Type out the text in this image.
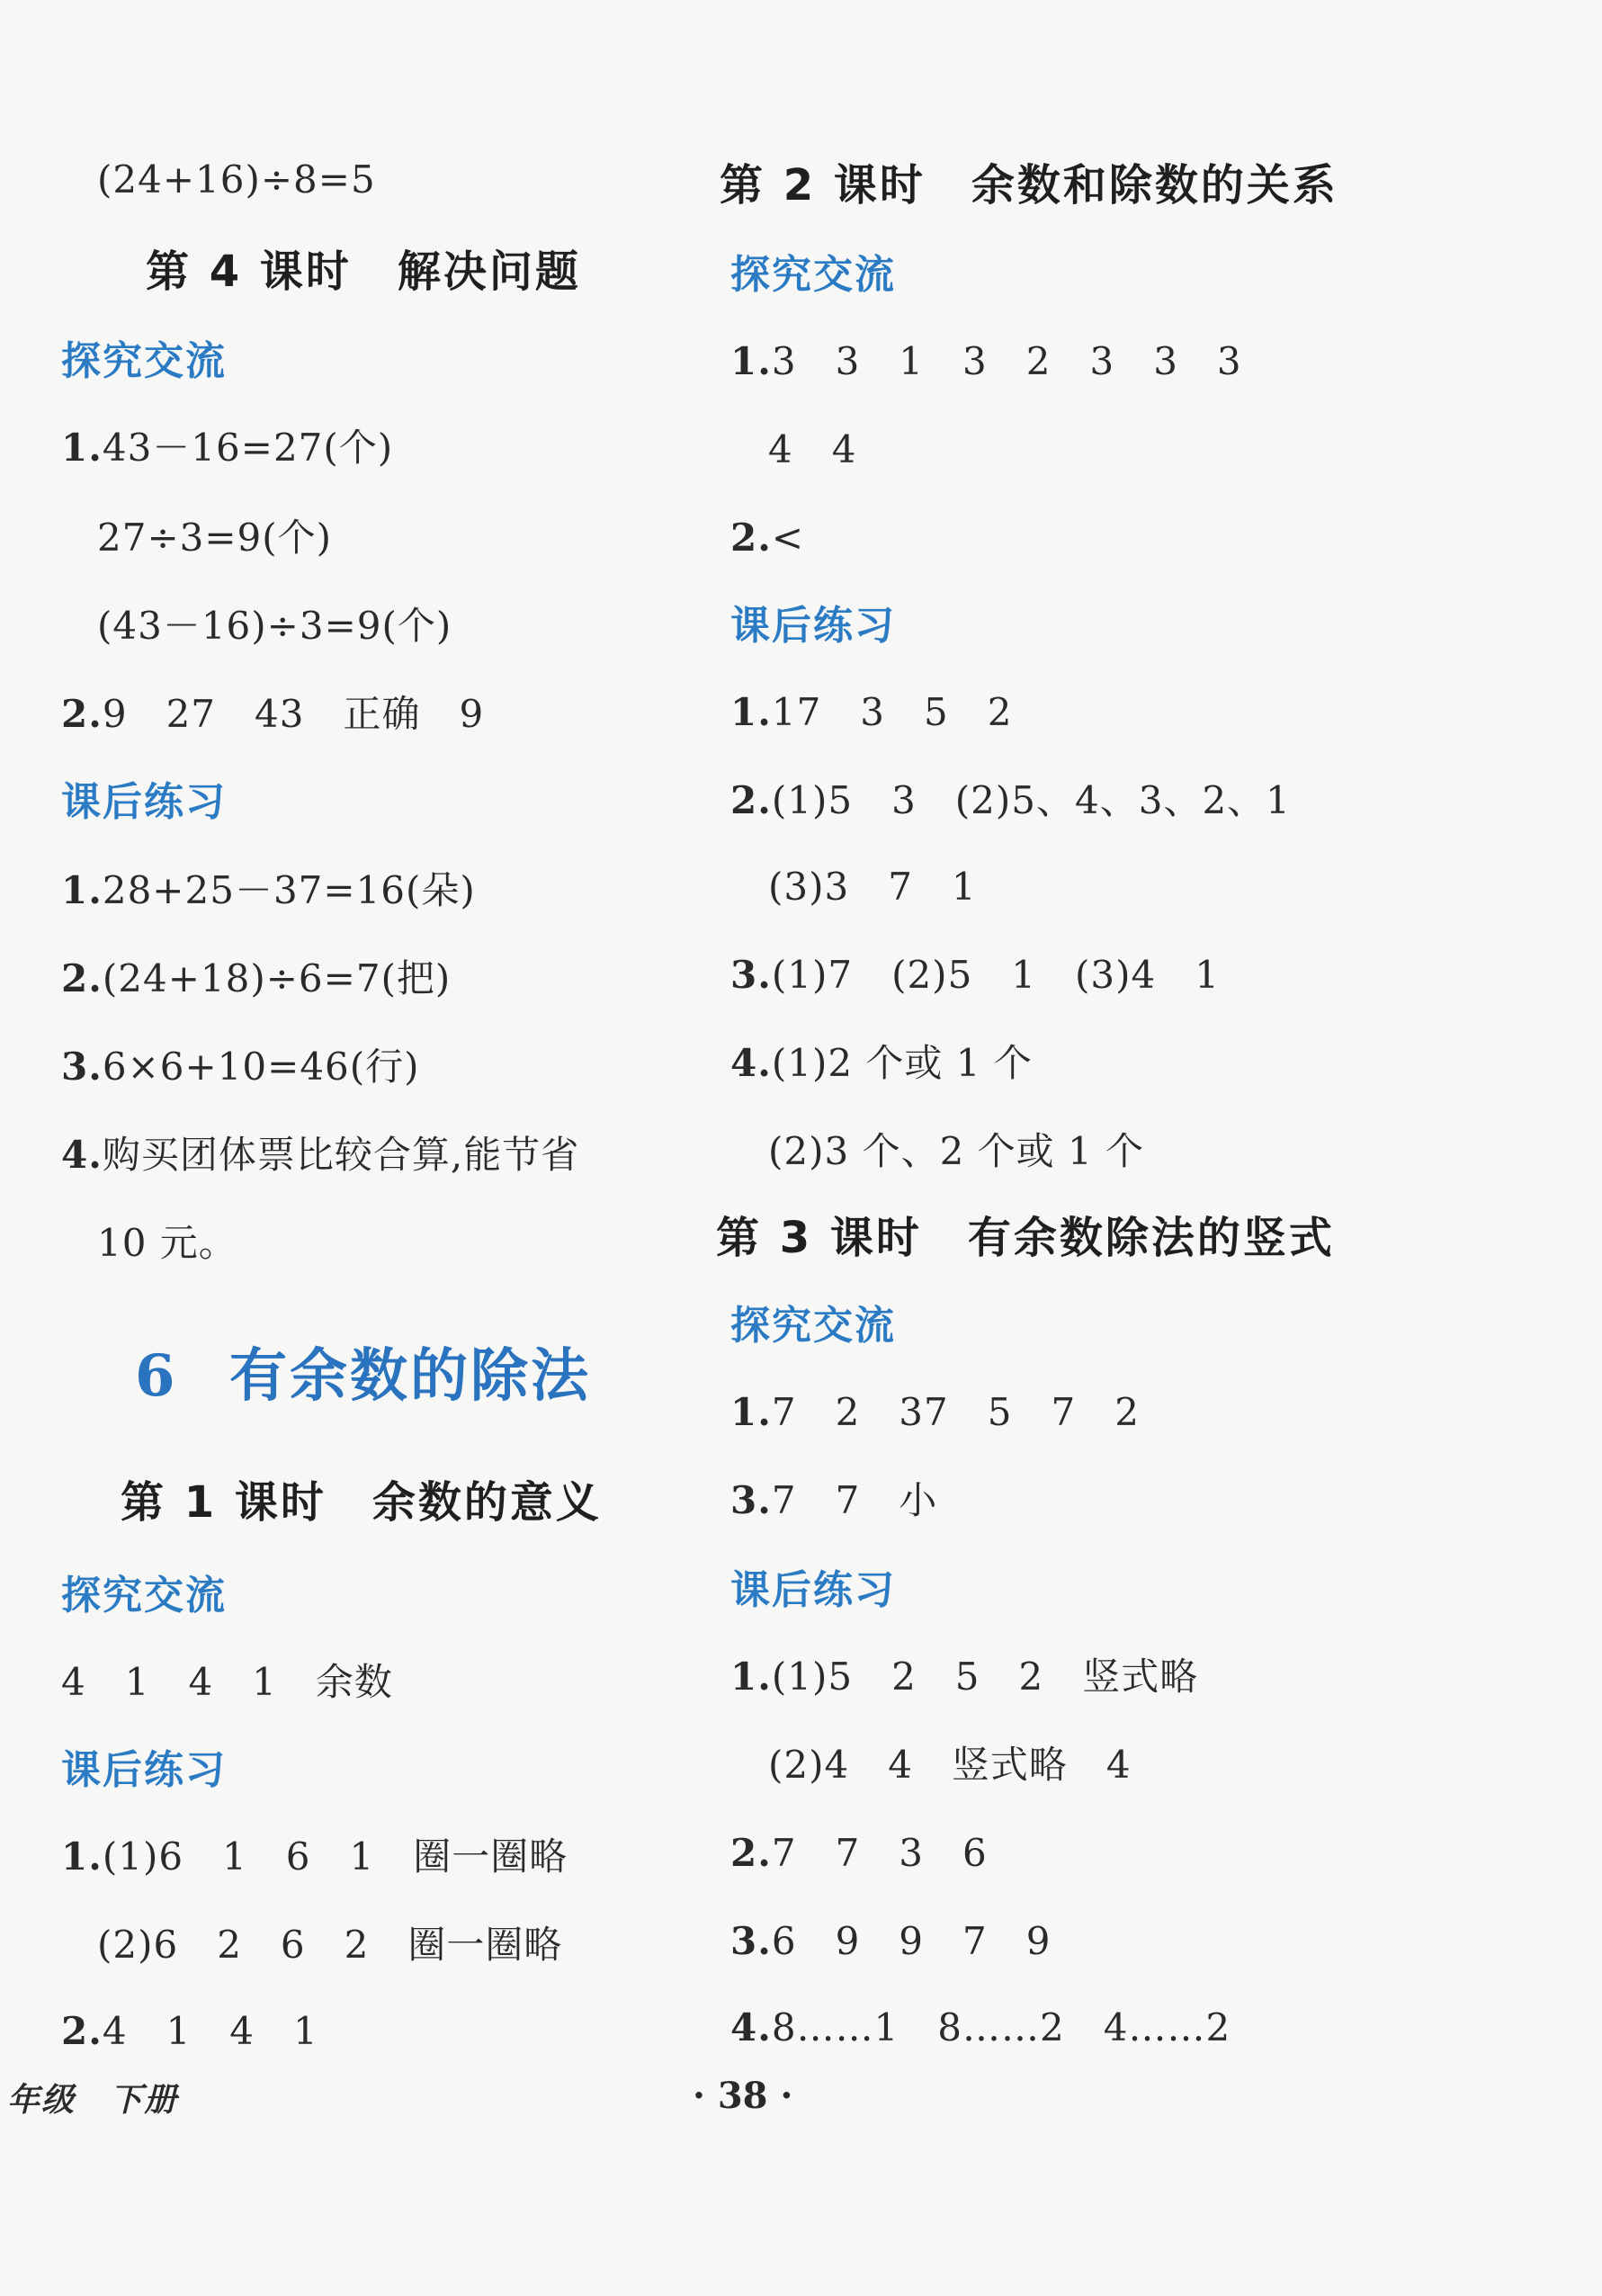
(24+16)÷8=5
第 4 课时　解决问题
探究交流
1.43－16=27(个)
27÷3=9(个)
(43－16)÷3=9(个)
2.9　27　43　正确　9
课后练习
1.28+25－37=16(朵)
2.(24+18)÷6=7(把)
3.6×6+10=46(行)
4.购买团体票比较合算,能节省
10 元。
6 有余数的除法
第 1 课时　余数的意义
探究交流
4　1　4　1　余数
课后练习
1.(1)6　1　6　1　圈一圈略
(2)6　2　6　2　圈一圈略
2.4　1　4　1
第 2 课时　余数和除数的关系
探究交流
1.3　3　1　3　2　3　3　3
4　4
2.<
课后练习
1.17　3　5　2
2.(1)5　3　(2)5、4、3、2、1
(3)3　7　1
3.(1)7　(2)5　1　(3)4　1
4.(1)2 个或 1 个
(2)3 个、2 个或 1 个
第 3 课时　有余数除法的竖式
探究交流
1.7　2　37　5　7　2
3.7　7　小
课后练习
1.(1)5　2　5　2　竖式略
(2)4　4　竖式略　4
2.7　7　3　6
3.6　9　9　7　9
4.8……1　8……2　4……2
年级　下册	· 38 ·
